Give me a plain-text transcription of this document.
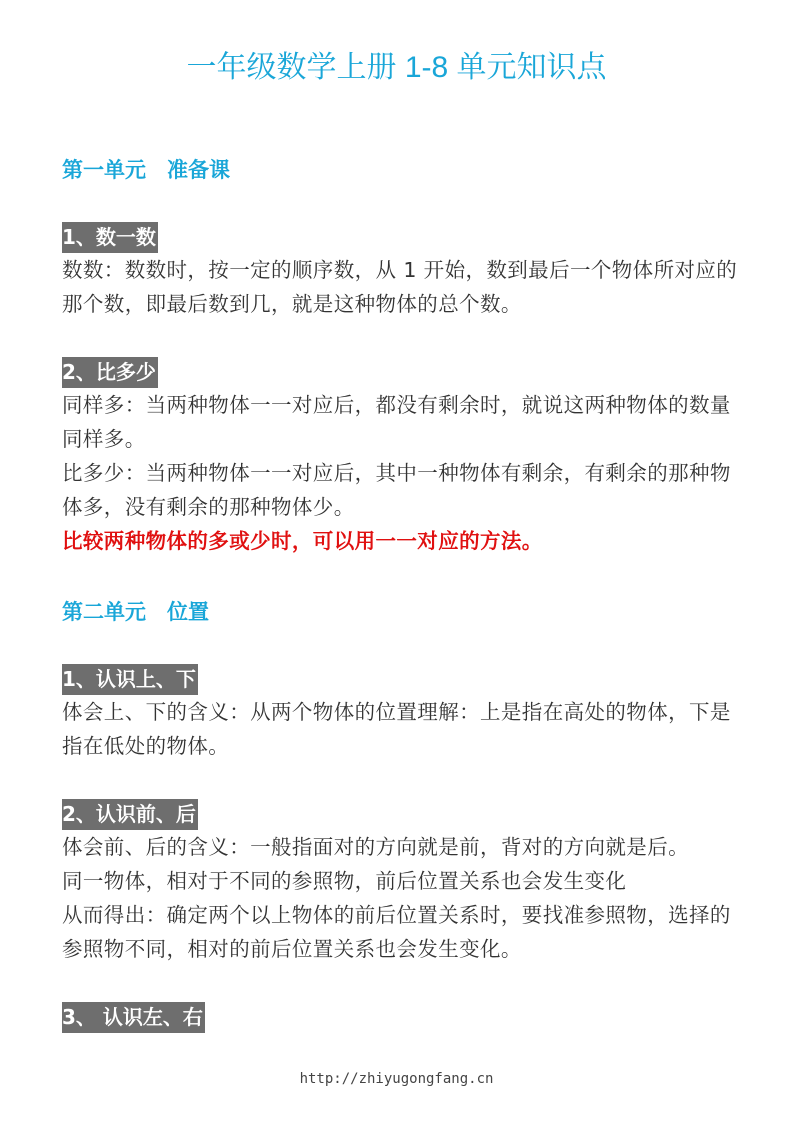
一年级数学上册 1-8 单元知识点
第一单元　准备课
1、数一数

数数：数数时，按一定的顺序数，从 1 开始，数到最后一个物体所对应的那个数，即最后数到几，就是这种物体的总个数。

2、比多少

同样多：当两种物体一一对应后，都没有剩余时，就说这两种物体的数量同样多。

比多少：当两种物体一一对应后，其中一种物体有剩余，有剩余的那种物体多，没有剩余的那种物体少。

比较两种物体的多或少时，可以用一一对应的方法。

第二单元　位置
1、认识上、下

体会上、下的含义：从两个物体的位置理解：上是指在高处的物体，下是指在低处的物体。

2、认识前、后

体会前、后的含义：一般指面对的方向就是前，背对的方向就是后。

同一物体，相对于不同的参照物，前后位置关系也会发生变化

从而得出：确定两个以上物体的前后位置关系时，要找准参照物，选择的参照物不同，相对的前后位置关系也会发生变化。

3、 认识左、右
http://zhiyugongfang.cn
